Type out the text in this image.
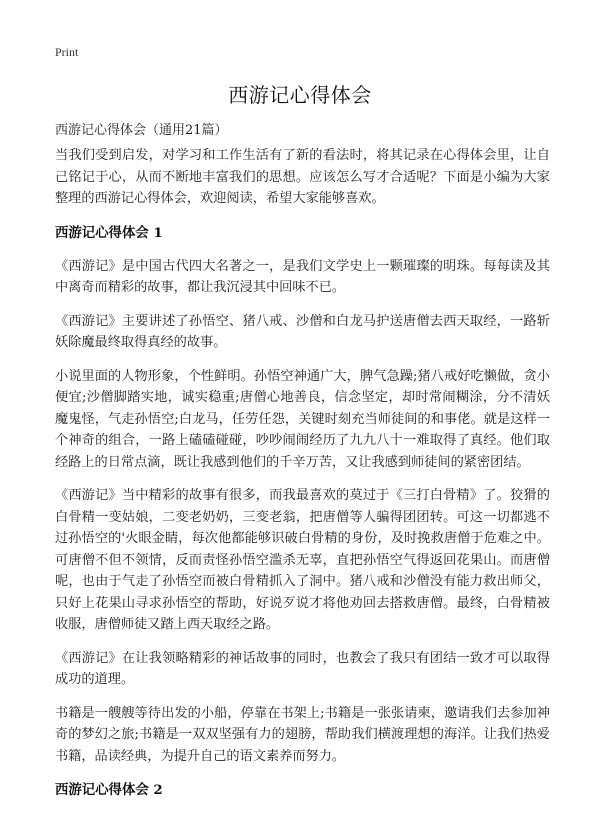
Print
西游记心得体会

西游记心得体会（通用21篇）

当我们受到启发，对学习和工作生活有了新的看法时，将其记录在心得体会里，让自己铭记于心，从而不断地丰富我们的思想。应该怎么写才合适呢？下面是小编为大家整理的西游记心得体会，欢迎阅读，希望大家能够喜欢。

西游记心得体会 1

《西游记》是中国古代四大名著之一，是我们文学史上一颗璀璨的明珠。每每读及其中离奇而精彩的故事，都让我沉浸其中回味不已。

《西游记》主要讲述了孙悟空、猪八戒、沙僧和白龙马护送唐僧去西天取经，一路斩妖除魔最终取得真经的故事。

小说里面的人物形象，个性鲜明。孙悟空神通广大，脾气急躁;猪八戒好吃懒做，贪小便宜;沙僧脚踏实地，诚实稳重;唐僧心地善良，信念坚定，却时常闹糊涂，分不清妖魔鬼怪，气走孙悟空;白龙马，任劳任怨，关键时刻充当师徒间的和事佬。就是这样一个神奇的组合，一路上磕磕碰碰，吵吵闹闹经历了九九八十一难取得了真经。他们取经路上的日常点滴，既让我感到他们的千辛万苦，又让我感到师徒间的紧密团结。

《西游记》当中精彩的故事有很多，而我最喜欢的莫过于《三打白骨精》了。狡猾的白骨精一变姑娘，二变老奶奶，三变老翁，把唐僧等人骗得团团转。可这一切都逃不过孙悟空的'火眼金睛，每次他都能够识破白骨精的身份，及时挽救唐僧于危难之中。可唐僧不但不领情，反而责怪孙悟空滥杀无辜，直把孙悟空气得返回花果山。而唐僧呢，也由于气走了孙悟空而被白骨精抓入了洞中。猪八戒和沙僧没有能力救出师父，只好上花果山寻求孙悟空的帮助，好说歹说才将他劝回去搭救唐僧。最终，白骨精被收服，唐僧师徒又踏上西天取经之路。

《西游记》在让我领略精彩的神话故事的同时，也教会了我只有团结一致才可以取得成功的道理。

书籍是一艘艘等待出发的小船，停靠在书架上;书籍是一张张请柬，邀请我们去参加神奇的梦幻之旅;书籍是一双双坚强有力的翅膀，帮助我们横渡理想的海洋。让我们热爱书籍，品读经典，为提升自己的语文素养而努力。

西游记心得体会 2
